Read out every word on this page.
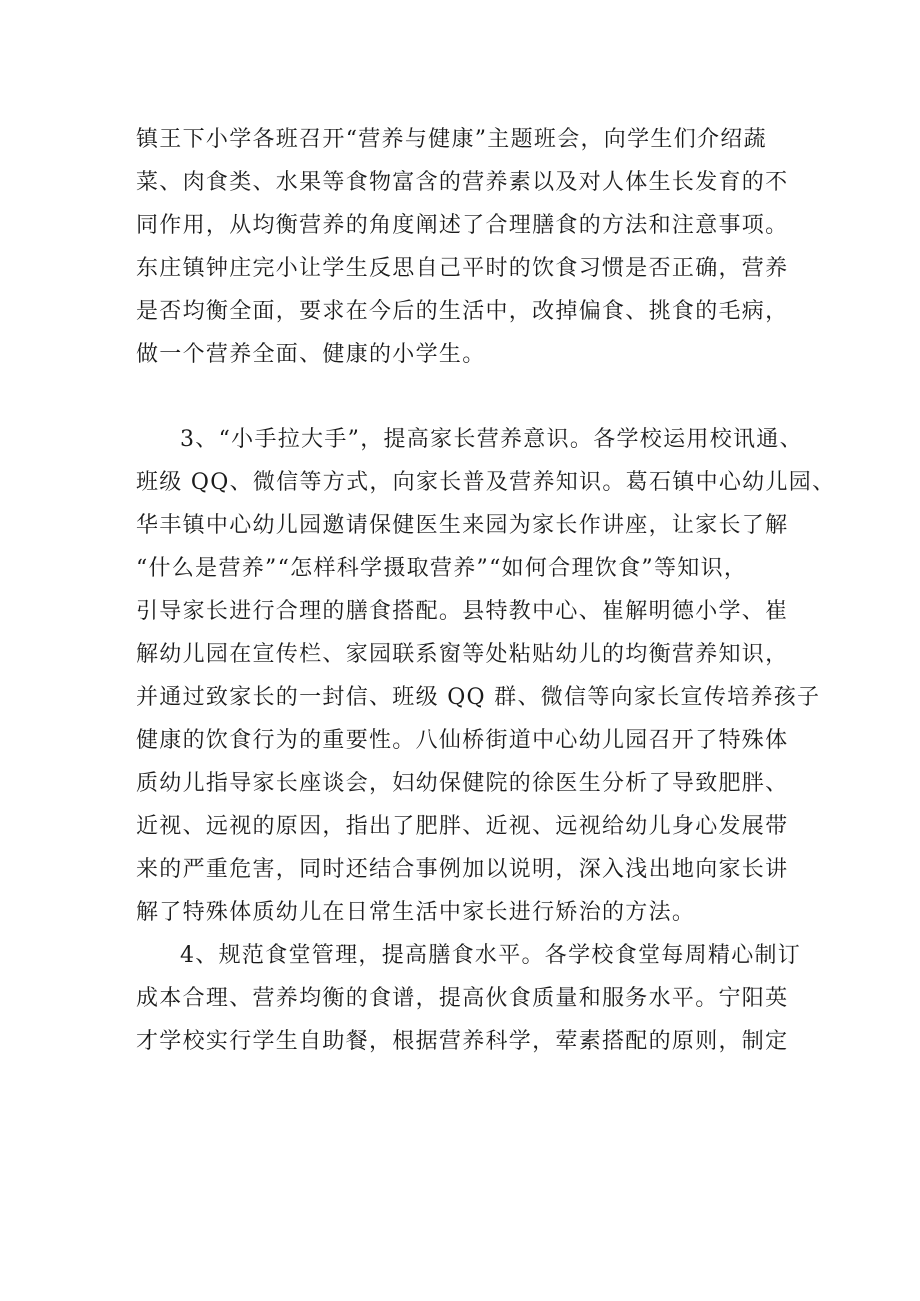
镇王下小学各班召开“营养与健康”主题班会，向学生们介绍蔬
菜、肉食类、水果等食物富含的营养素以及对人体生长发育的不
同作用，从均衡营养的角度阐述了合理膳食的方法和注意事项。
东庄镇钟庄完小让学生反思自己平时的饮食习惯是否正确，营养
是否均衡全面，要求在今后的生活中，改掉偏食、挑食的毛病，
做一个营养全面、健康的小学生。
3、“小手拉大手”，提高家长营养意识。各学校运用校讯通、
班级 QQ、微信等方式，向家长普及营养知识。葛石镇中心幼儿园、
华丰镇中心幼儿园邀请保健医生来园为家长作讲座，让家长了解
“什么是营养”“怎样科学摄取营养”“如何合理饮食”等知识，
引导家长进行合理的膳食搭配。县特教中心、崔解明德小学、崔
解幼儿园在宣传栏、家园联系窗等处粘贴幼儿的均衡营养知识，
并通过致家长的一封信、班级 QQ 群、微信等向家长宣传培养孩子
健康的饮食行为的重要性。八仙桥街道中心幼儿园召开了特殊体
质幼儿指导家长座谈会，妇幼保健院的徐医生分析了导致肥胖、
近视、远视的原因，指出了肥胖、近视、远视给幼儿身心发展带
来的严重危害，同时还结合事例加以说明，深入浅出地向家长讲
解了特殊体质幼儿在日常生活中家长进行矫治的方法。
4、规范食堂管理，提高膳食水平。各学校食堂每周精心制订
成本合理、营养均衡的食谱，提高伙食质量和服务水平。宁阳英
才学校实行学生自助餐，根据营养科学，荤素搭配的原则，制定
